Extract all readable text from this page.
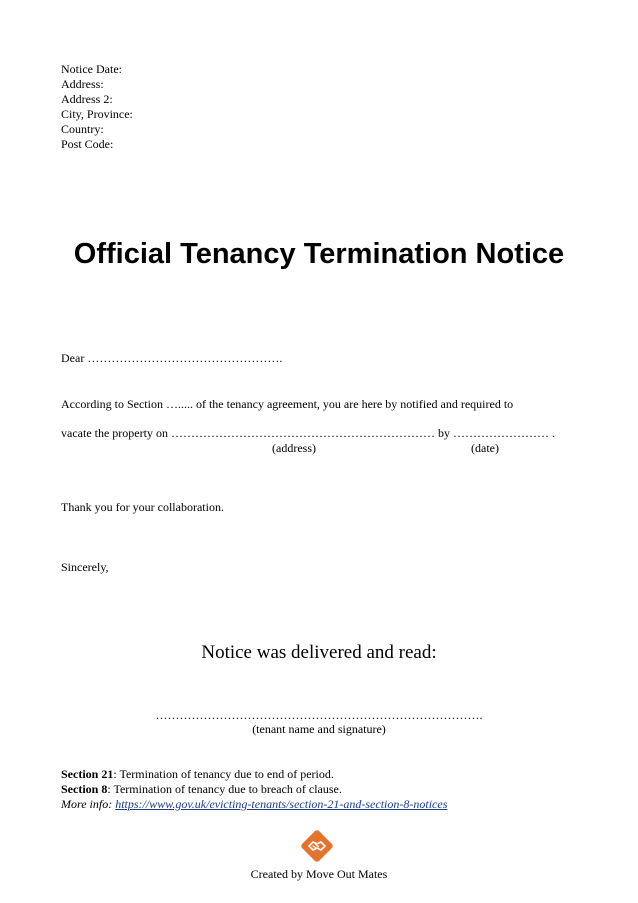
Notice Date:
Address:
Address 2:
City, Province:
Country:
Post Code:
Official Tenancy Termination Notice
Dear ………………………………………….
According to Section …..... of the tenancy agreement, you are here by notified and required to
vacate the property on ………………………………………………………… by …………………… .
(address)	(date)
Thank you for your collaboration.
Sincerely,
Notice was delivered and read:
……………………………………………………………………….
(tenant name and signature)
Section 21: Termination of tenancy due to end of period.
Section 8: Termination of tenancy due to breach of clause.
More info: https://www.gov.uk/evicting-tenants/section-21-and-section-8-notices
Created by Move Out Mates
